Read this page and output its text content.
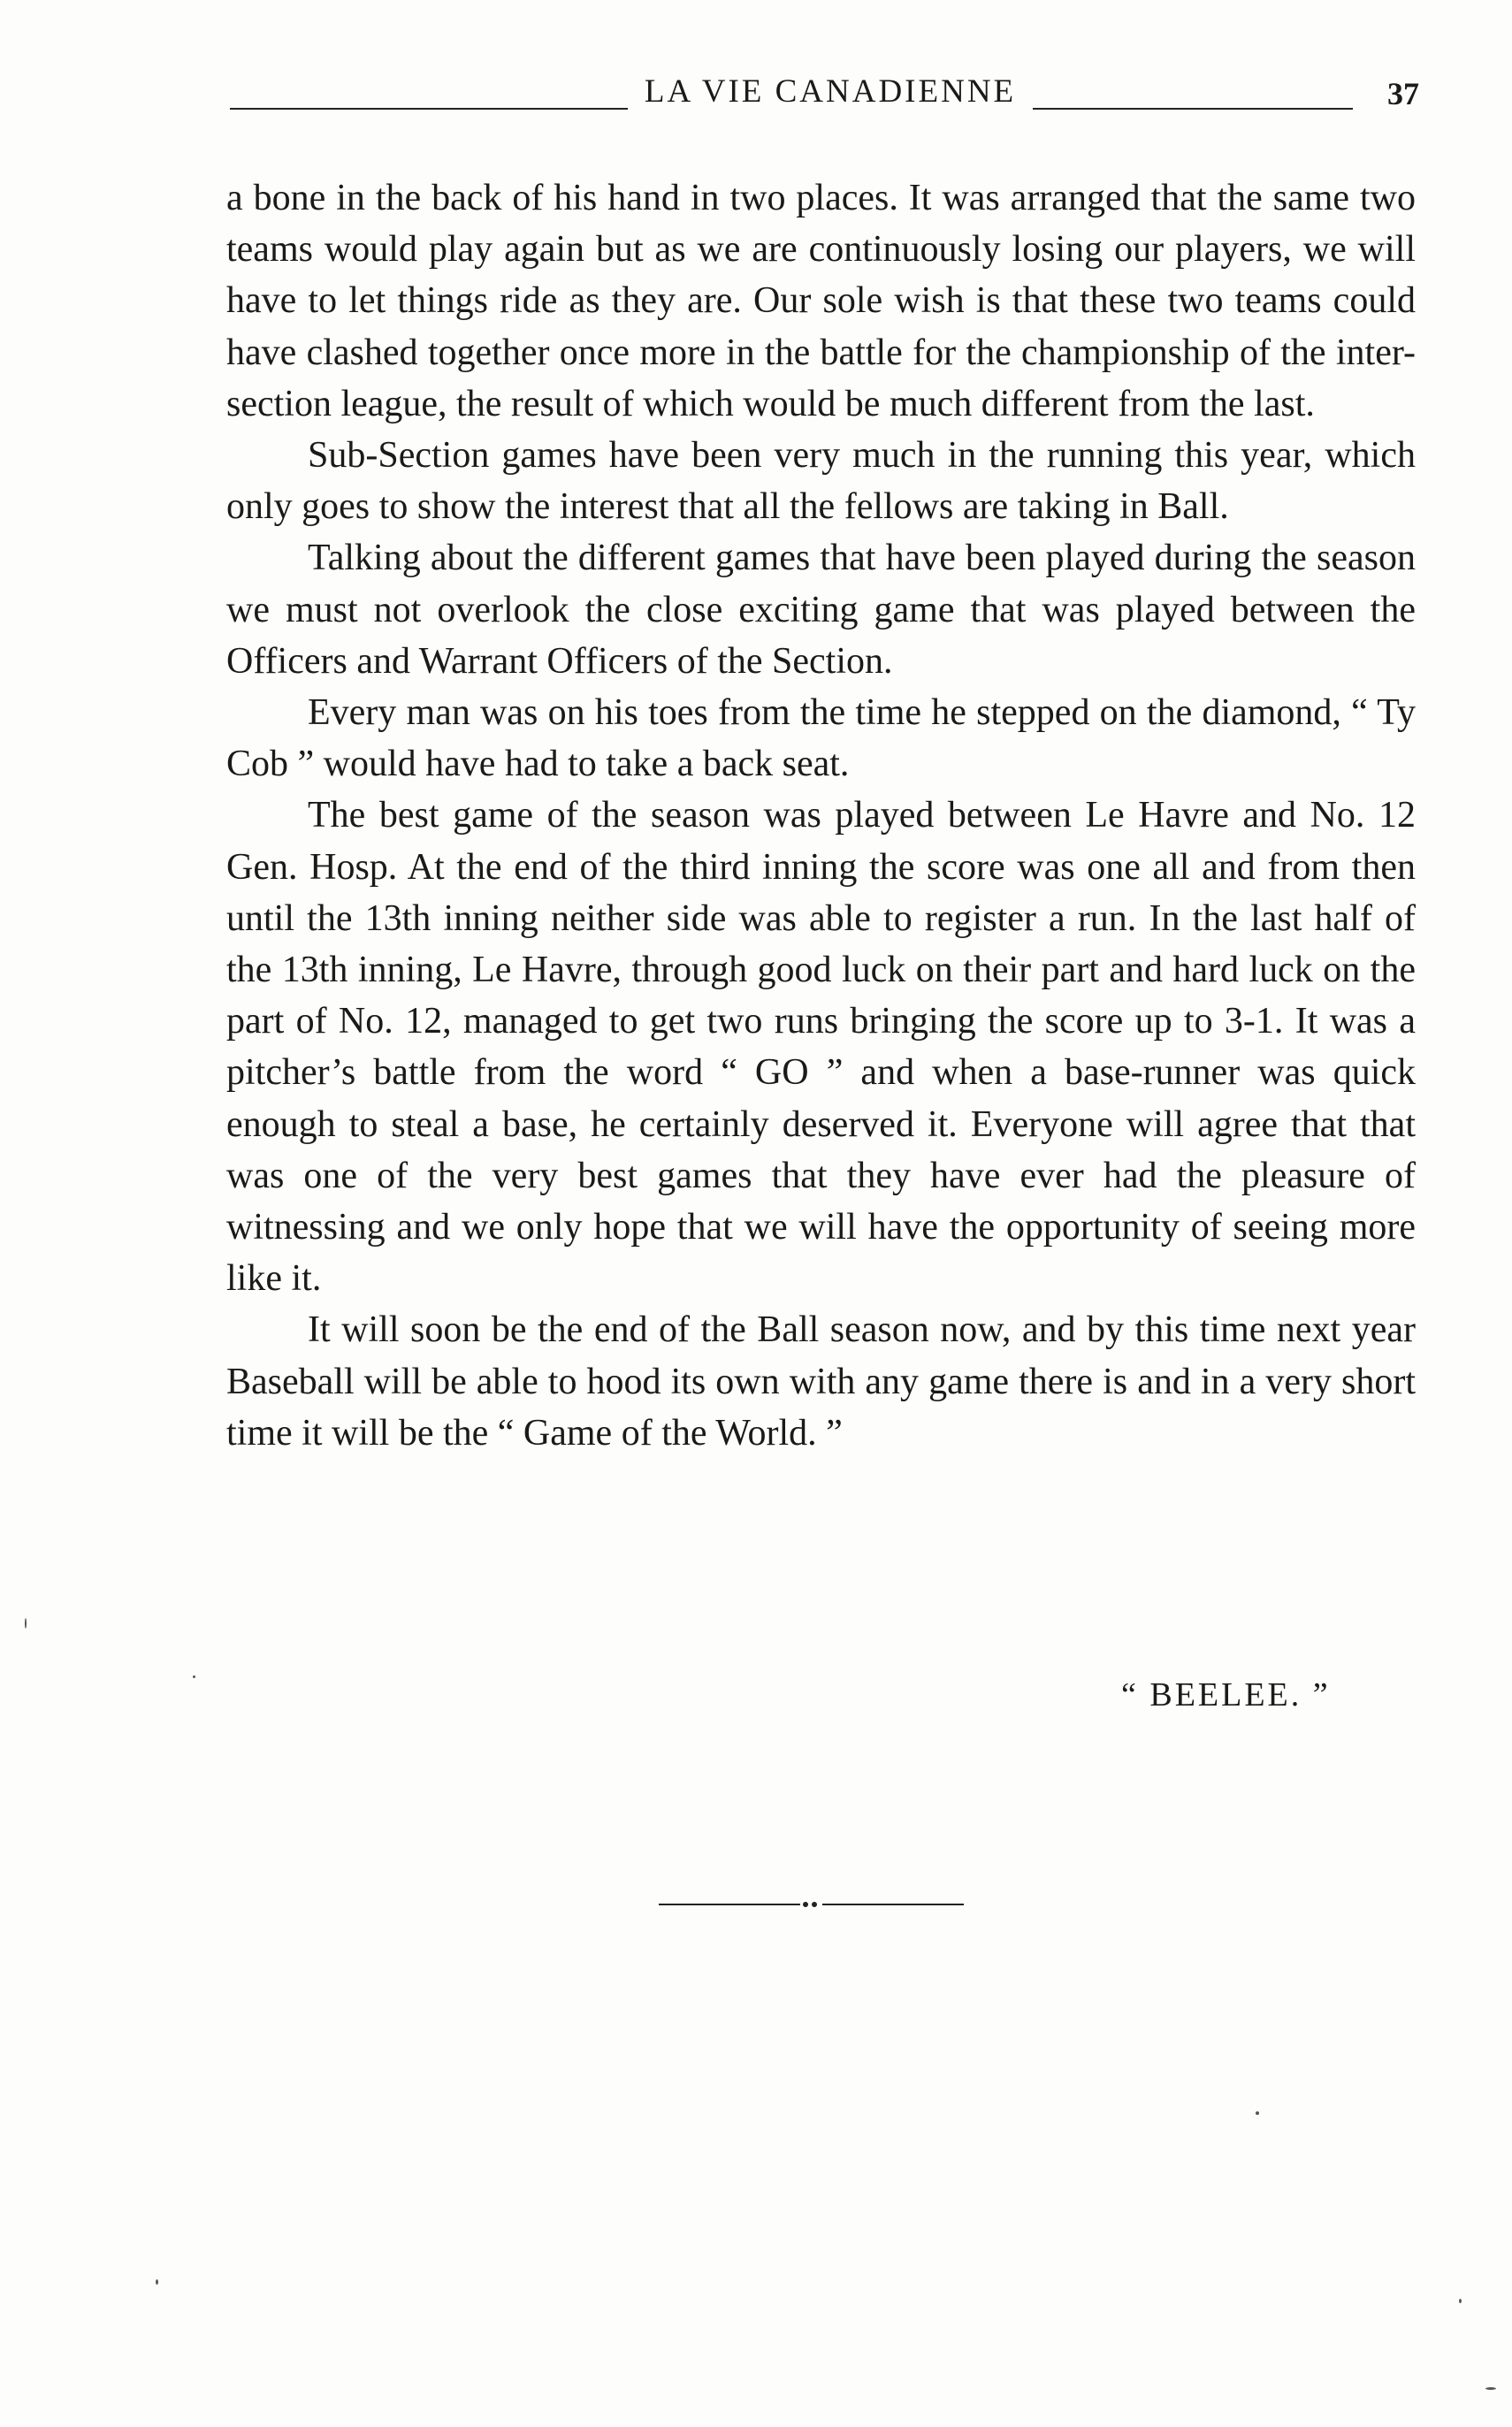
LA VIE CANADIENNE	37

a bone in the back of his hand in two places. It was arranged that the same two teams would play again but as we are continuously losing our players, we will have to let things ride as they are. Our sole wish is that these two teams could have clashed together once more in the battle for the championship of the inter-section league, the result of which would be much different from the last.

Sub-Section games have been very much in the running this year, which only goes to show the interest that all the fellows are taking in Ball.

Talking about the different games that have been played during the season we must not overlook the close exciting game that was played between the Officers and Warrant Officers of the Section.

Every man was on his toes from the time he stepped on the diamond, “ Ty Cob ” would have had to take a back seat.

The best game of the season was played between Le Havre and No. 12 Gen. Hosp. At the end of the third inning the score was one all and from then until the 13th inning neither side was able to register a run. In the last half of the 13th inning, Le Havre, through good luck on their part and hard luck on the part of No. 12, managed to get two runs bringing the score up to 3-1. It was a pitcher’s battle from the word “ GO ” and when a base-runner was quick enough to steal a base, he certainly deserved it. Everyone will agree that that was one of the very best games that they have ever had the pleasure of witnessing and we only hope that we will have the opportunity of seeing more like it.

It will soon be the end of the Ball season now, and by this time next year Baseball will be able to hood its own with any game there is and in a very short time it will be the “ Game of the World. ”

“ BEELEE. ”
